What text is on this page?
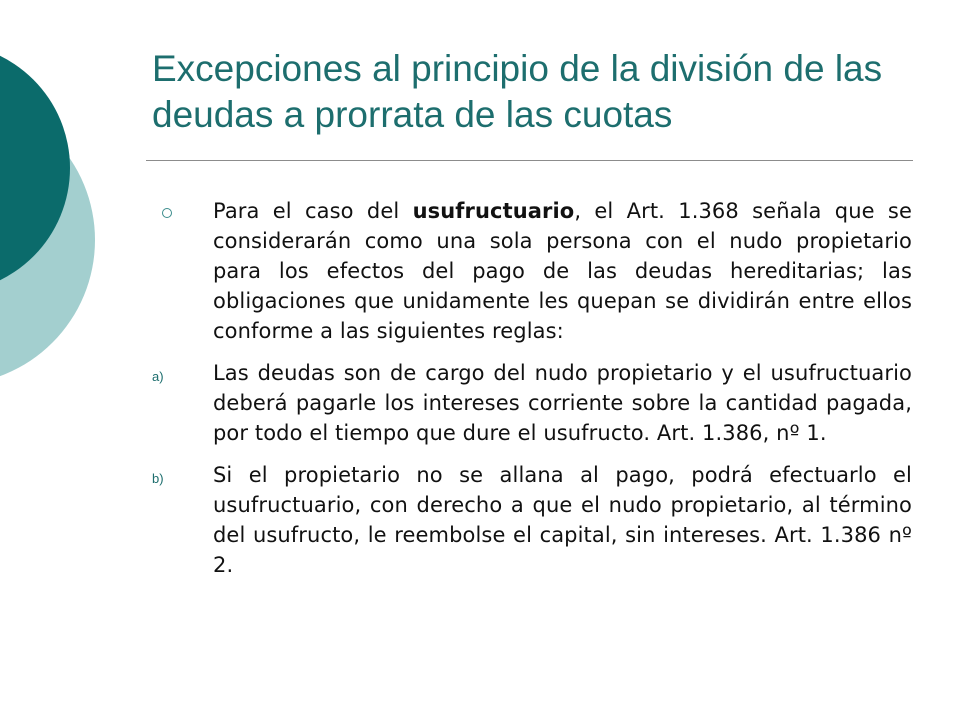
Excepciones al principio de la división de las deudas a prorrata de las cuotas

Para el caso del usufructuario, el Art. 1.368 señala que se considerarán como una sola persona con el nudo propietario para los efectos del pago de las deudas hereditarias; las obligaciones que unidamente les quepan se dividirán entre ellos conforme a las siguientes reglas:

a) Las deudas son de cargo del nudo propietario y el usufructuario deberá pagarle los intereses corriente sobre la cantidad pagada, por todo el tiempo que dure el usufructo. Art. 1.386, nº 1.

b) Si el propietario no se allana al pago, podrá efectuarlo el usufructuario, con derecho a que el nudo propietario, al término del usufructo, le reembolse el capital, sin intereses. Art. 1.386 nº 2.
